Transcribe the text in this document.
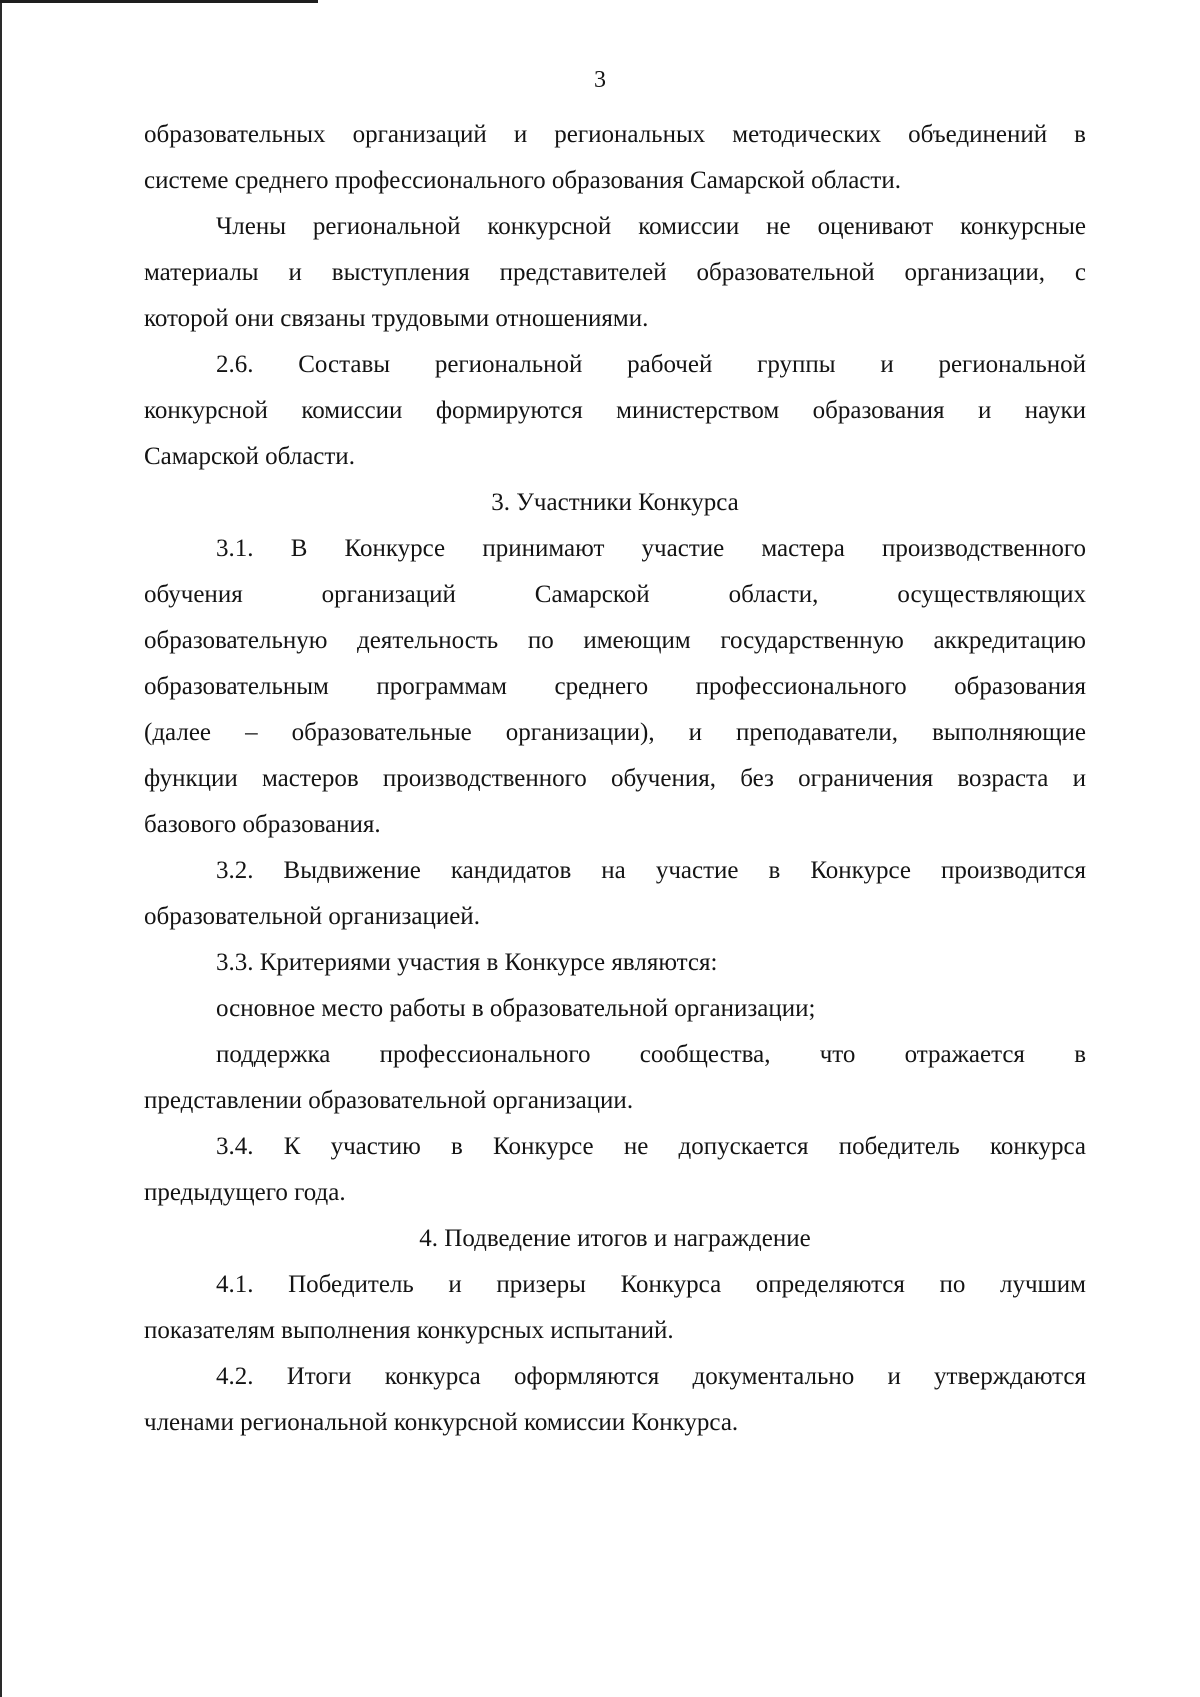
3
образовательных организаций и региональных методических объединений в
системе среднего профессионального образования Самарской области.
Члены региональной конкурсной комиссии не оценивают конкурсные
материалы и выступления представителей образовательной организации, с
которой они связаны трудовыми отношениями.
2.6. Составы региональной рабочей группы и региональной
конкурсной комиссии формируются министерством образования и науки
Самарской области.
3. Участники Конкурса
3.1. В Конкурсе принимают участие мастера производственного
обучения организаций Самарской области, осуществляющих
образовательную деятельность по имеющим государственную аккредитацию
образовательным программам среднего профессионального образования
(далее – образовательные организации), и преподаватели, выполняющие
функции мастеров производственного обучения, без ограничения возраста и
базового образования.
3.2. Выдвижение кандидатов на участие в Конкурсе производится
образовательной организацией.
3.3. Критериями участия в Конкурсе являются:
основное место работы в образовательной организации;
поддержка профессионального сообщества, что отражается в
представлении образовательной организации.
3.4. К участию в Конкурсе не допускается победитель конкурса
предыдущего года.
4. Подведение итогов и награждение
4.1. Победитель и призеры Конкурса определяются по лучшим
показателям выполнения конкурсных испытаний.
4.2. Итоги конкурса оформляются документально и утверждаются
членами региональной конкурсной комиссии Конкурса.
